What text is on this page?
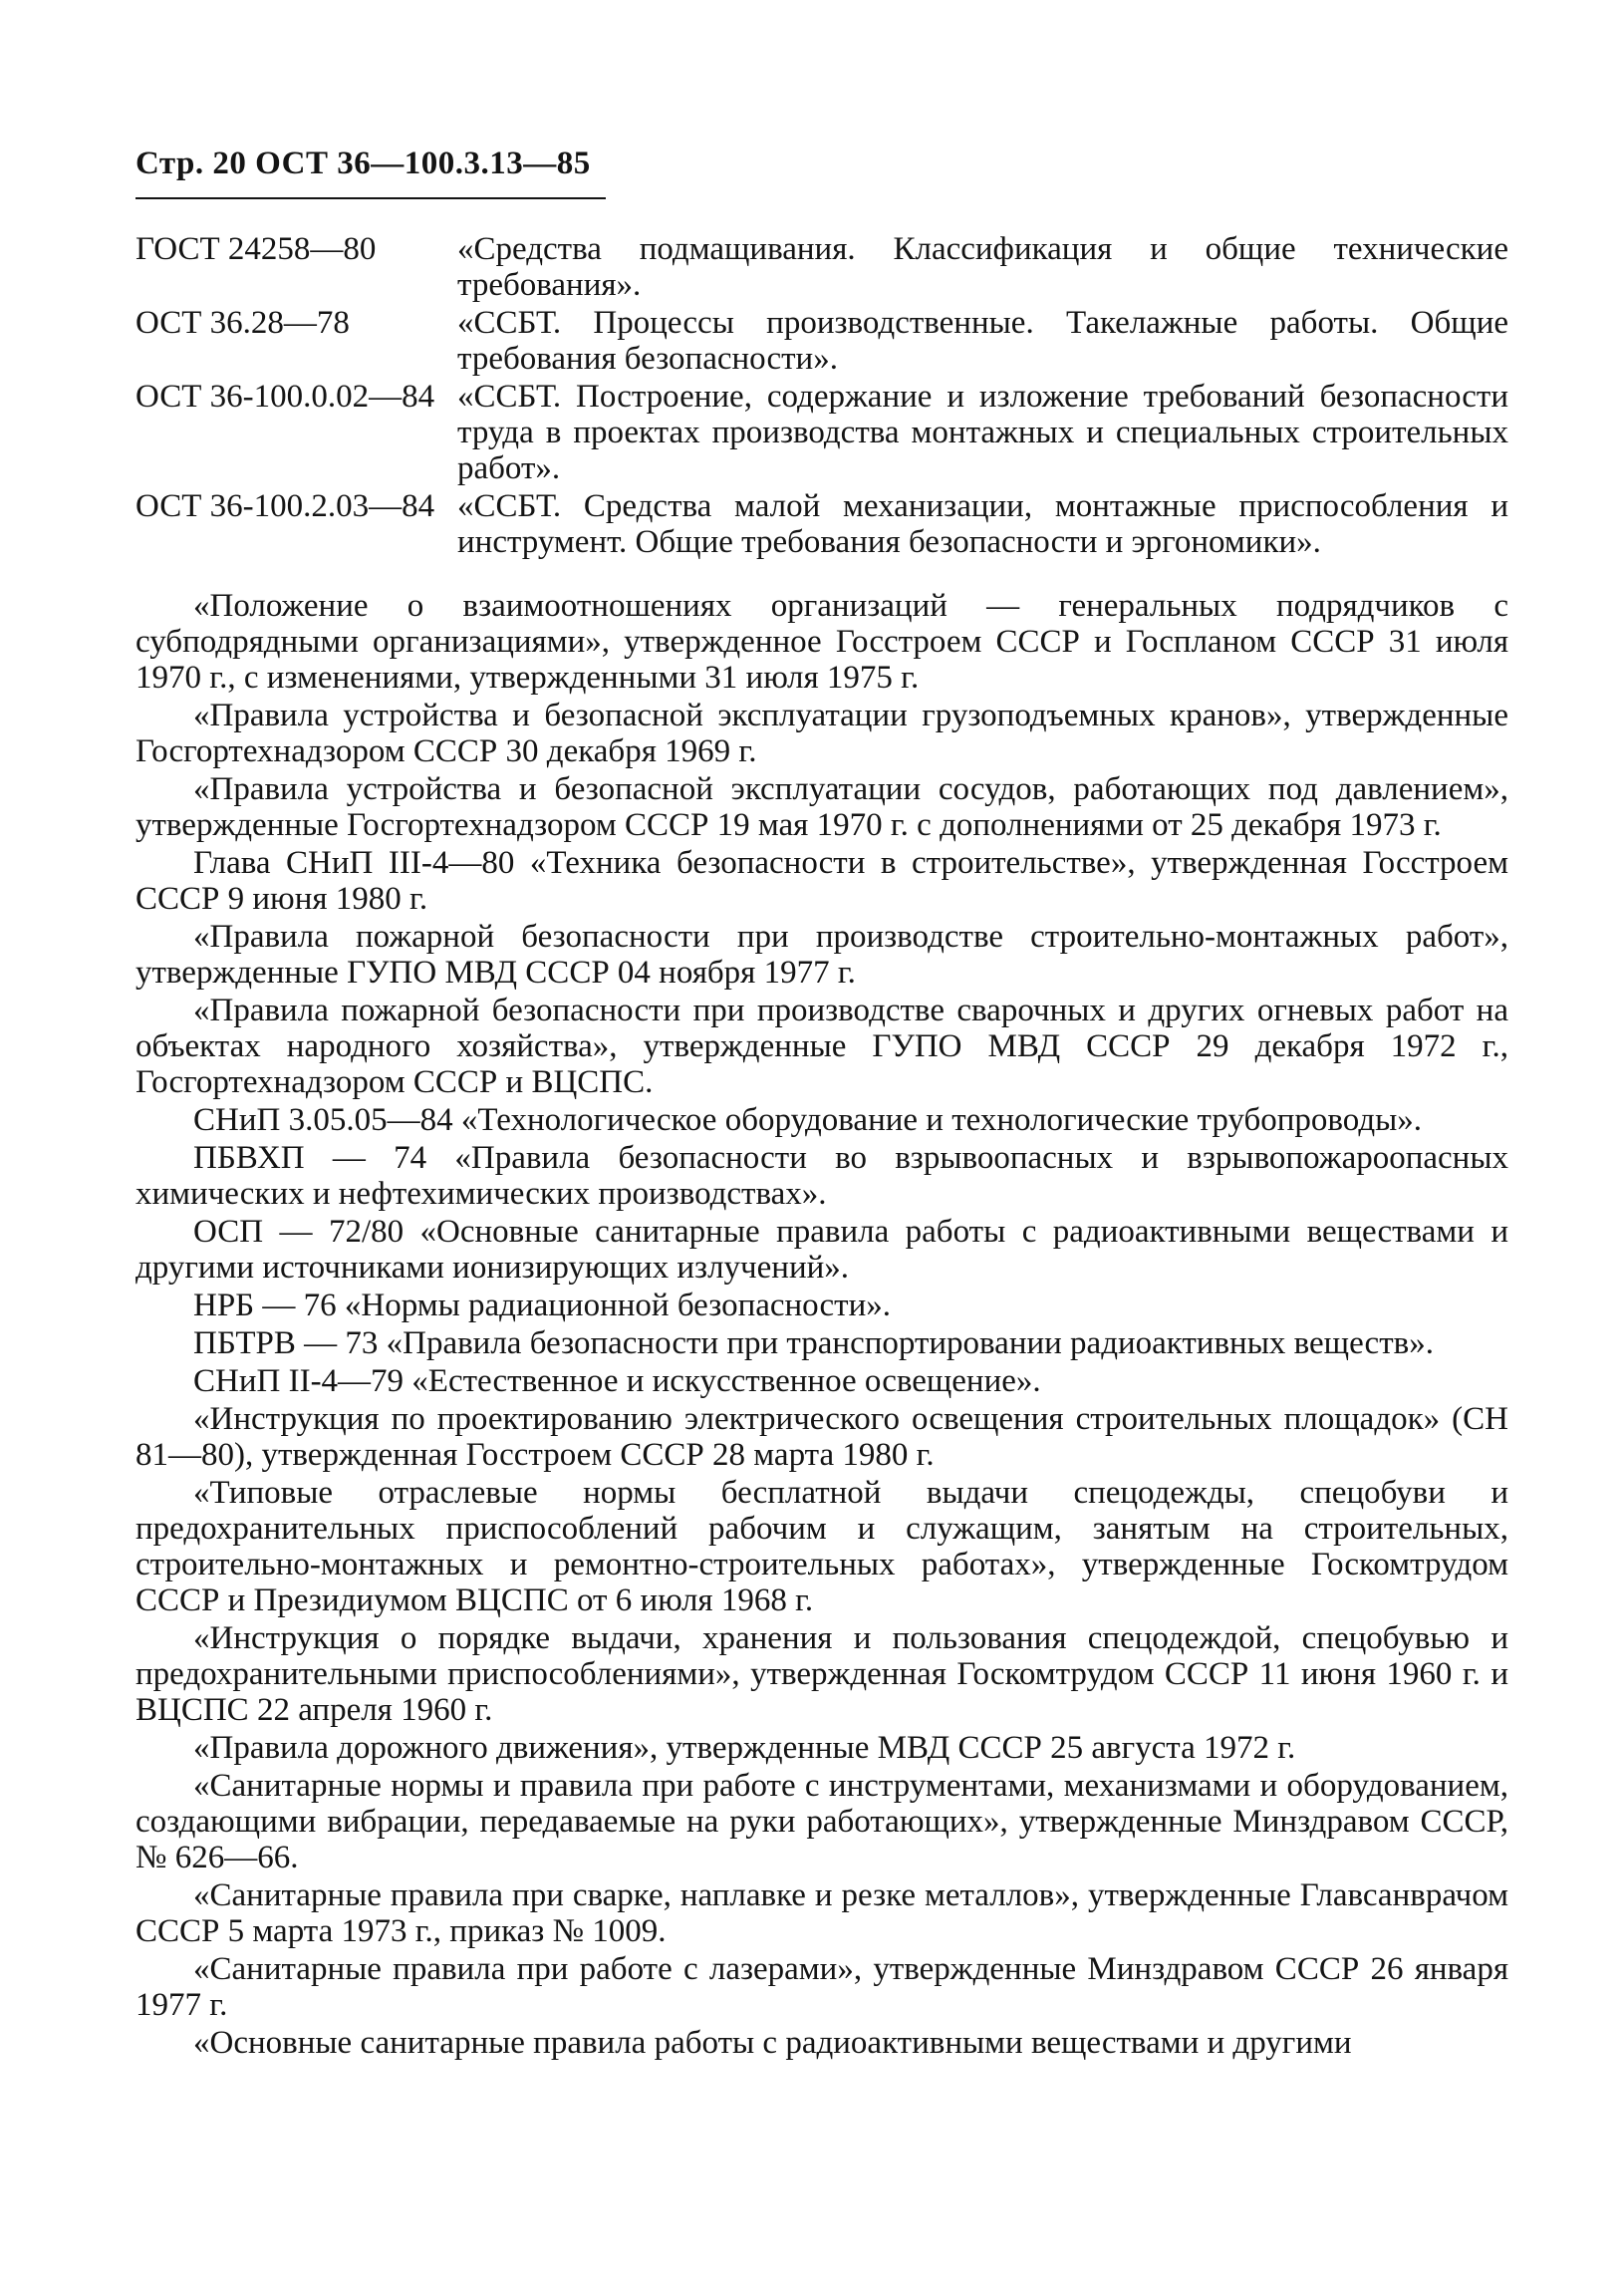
Стр. 20 ОСТ 36—100.3.13—85
ГОСТ 24258—80	«Средства подмащивания. Классификация и общие технические требования».
ОСТ 36.28—78	«ССБТ. Процессы производственные. Такелажные работы. Общие требования безопасности».
ОСТ 36-100.0.02—84 «ССБТ. Построение, содержание и изложение требований безопасности труда в проектах производства монтажных и специальных строительных работ».
ОСТ 36-100.2.03—84 «ССБТ. Средства малой механизации, монтажные приспособления и инструмент. Общие требования безопасности и эргономики».

«Положение о взаимоотношениях организаций — генеральных подрядчиков с субподрядными организациями», утвержденное Госстроем СССР и Госпланом СССР 31 июля 1970 г., с изменениями, утвержденными 31 июля 1975 г.

«Правила устройства и безопасной эксплуатации грузоподъемных кранов», утвержденные Госгортехнадзором СССР 30 декабря 1969 г.

«Правила устройства и безопасной эксплуатации сосудов, работающих под давлением», утвержденные Госгортехнадзором СССР 19 мая 1970 г. с дополнениями от 25 декабря 1973 г.

Глава СНиП III-4—80 «Техника безопасности в строительстве», утвержденная Госстроем СССР 9 июня 1980 г.

«Правила пожарной безопасности при производстве строительно-монтажных работ», утвержденные ГУПО МВД СССР 04 ноября 1977 г.

«Правила пожарной безопасности при производстве сварочных и других огневых работ на объектах народного хозяйства», утвержденные ГУПО МВД СССР 29 декабря 1972 г., Госгортехнадзором СССР и ВЦСПС.

СНиП 3.05.05—84 «Технологическое оборудование и технологические трубопроводы».

ПБВХП — 74 «Правила безопасности во взрывоопасных и взрывопожароопасных химических и нефтехимических производствах».

ОСП — 72/80 «Основные санитарные правила работы с радиоактивными веществами и другими источниками ионизирующих излучений».

НРБ — 76 «Нормы радиационной безопасности».

ПБТРВ — 73 «Правила безопасности при транспортировании радиоактивных веществ».

СНиП II-4—79 «Естественное и искусственное освещение».

«Инструкция по проектированию электрического освещения строительных площадок» (СН 81—80), утвержденная Госстроем СССР 28 марта 1980 г.

«Типовые отраслевые нормы бесплатной выдачи спецодежды, спецобуви и предохранительных приспособлений рабочим и служащим, занятым на строительных, строительно-монтажных и ремонтно-строительных работах», утвержденные Госкомтрудом СССР и Президиумом ВЦСПС от 6 июля 1968 г.

«Инструкция о порядке выдачи, хранения и пользования спецодеждой, спецобувью и предохранительными приспособлениями», утвержденная Госкомтрудом СССР 11 июня 1960 г. и ВЦСПС 22 апреля 1960 г.

«Правила дорожного движения», утвержденные МВД СССР 25 августа 1972 г.

«Санитарные нормы и правила при работе с инструментами, механизмами и оборудованием, создающими вибрации, передаваемые на руки работающих», утвержденные Минздравом СССР, № 626—66.

«Санитарные правила при сварке, наплавке и резке металлов», утвержденные Главсанврачом СССР 5 марта 1973 г., приказ № 1009.

«Санитарные правила при работе с лазерами», утвержденные Минздравом СССР 26 января 1977 г.

«Основные санитарные правила работы с радиоактивными веществами и другими
